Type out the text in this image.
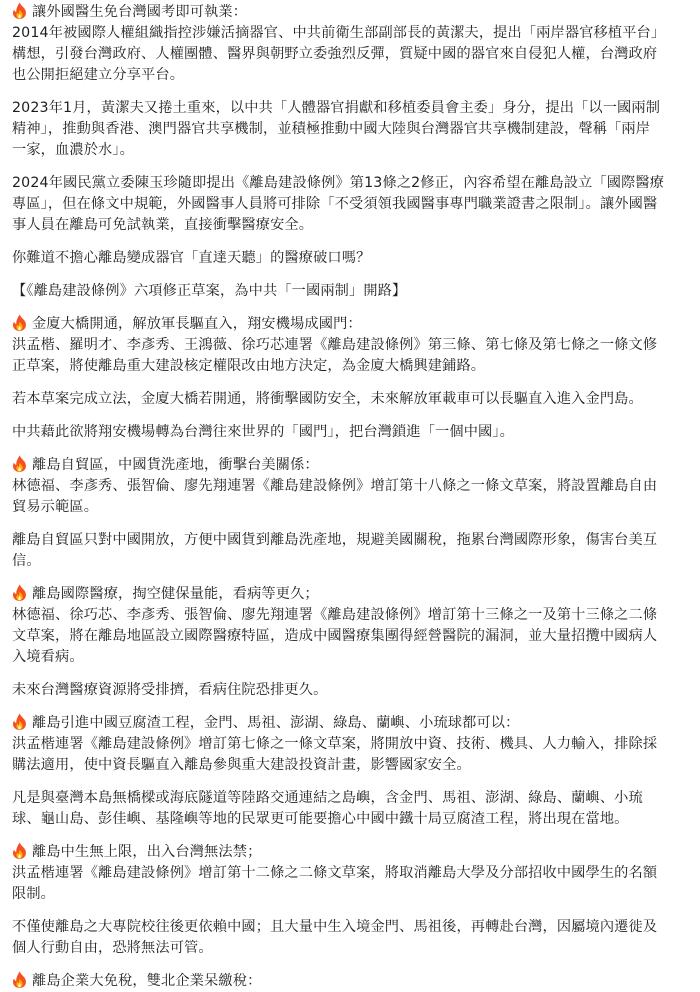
讓外國醫生免台灣國考即可執業：
2014年被國際人權組織指控涉嫌活摘器官、中共前衛生部副部長的黃潔夫，提出「兩岸器官移植平台」
構想，引發台灣政府、人權團體、醫界與朝野立委強烈反彈，質疑中國的器官來自侵犯人權，台灣政府
也公開拒絕建立分享平台。
2023年1月，黃潔夫又捲土重來，以中共「人體器官捐獻和移植委員會主委」身分，提出「以一國兩制
精神」，推動與香港、澳門器官共享機制，並積極推動中國大陸與台灣器官共享機制建設，聲稱「兩岸
一家，血濃於水」。
2024年國民黨立委陳玉珍隨即提出《離島建設條例》第13條之2修正，內容希望在離島設立「國際醫療
專區」，但在條文中規範，外國醫事人員將可排除「不受須領我國醫事專門職業證書之限制」。讓外國醫
事人員在離島可免試執業，直接衝擊醫療安全。
你難道不擔心離島變成器官「直達天聽」的醫療破口嗎？
【《離島建設條例》六項修正草案，為中共「一國兩制」開路】
金廈大橋開通，解放軍長驅直入，翔安機場成國門：
洪孟楷、羅明才、李彥秀、王鴻薇、徐巧芯連署《離島建設條例》第三條、第七條及第七條之一條文修
正草案，將使離島重大建設核定權限改由地方決定，為金廈大橋興建鋪路。
若本草案完成立法，金廈大橋若開通，將衝擊國防安全，未來解放軍載車可以長驅直入進入金門島。
中共藉此欲將翔安機場轉為台灣往來世界的「國門」，把台灣鎖進「一個中國」。
離島自貿區，中國貨洗產地，衝擊台美關係：
林德福、李彥秀、張智倫、廖先翔連署《離島建設條例》增訂第十八條之一條文草案，將設置離島自由
貿易示範區。
離島自貿區只對中國開放，方便中國貨到離島洗產地，規避美國關稅，拖累台灣國際形象，傷害台美互
信。
離島國際醫療，掏空健保量能，看病等更久；
林德福、徐巧芯、李彥秀、張智倫、廖先翔連署《離島建設條例》增訂第十三條之一及第十三條之二條
文草案，將在離島地區設立國際醫療特區，造成中國醫療集團得經營醫院的漏洞，並大量招攬中國病人
入境看病。
未來台灣醫療資源將受排擠，看病住院恐排更久。
離島引進中國豆腐渣工程，金門、馬祖、澎湖、綠島、蘭嶼、小琉球都可以：
洪孟楷連署《離島建設條例》增訂第七條之一條文草案，將開放中資、技術、機具、人力輸入，排除採
購法適用，使中資長驅直入離島參與重大建設投資計畫，影響國家安全。
凡是與臺灣本島無橋樑或海底隧道等陸路交通連結之島嶼，含金門、馬祖、澎湖、綠島、蘭嶼、小琉
球、龜山島、彭佳嶼、基隆嶼等地的民眾更可能要擔心中國中鐵十局豆腐渣工程，將出現在當地。
離島中生無上限，出入台灣無法禁；
洪孟楷連署《離島建設條例》增訂第十二條之二條文草案，將取消離島大學及分部招收中國學生的名額
限制。
不僅使離島之大專院校往後更依賴中國；且大量中生入境金門、馬祖後，再轉赴台灣，因屬境內遷徙及
個人行動自由，恐將無法可管。
離島企業大免稅，雙北企業呆繳稅：
